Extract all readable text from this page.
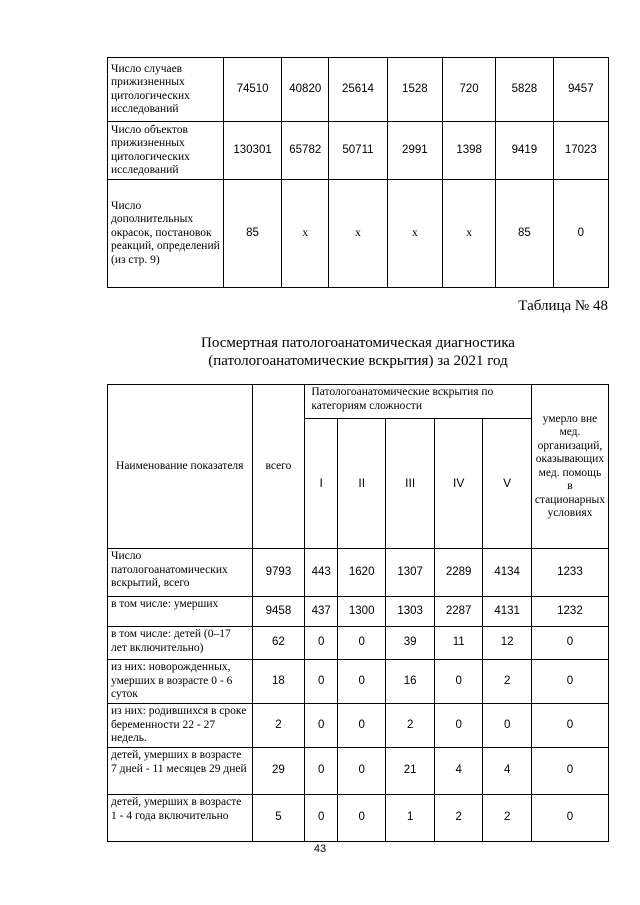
Число случаев прижизненных цитологических исследований	74510	40820	25614	1528	720	5828	9457
Число объектов прижизненных цитологических исследований	130301	65782	50711	2991	1398	9419	17023
Число дополнительных окрасок, постановок реакций, определений (из стр. 9)	85	x	x	x	x	85	0
Таблица № 48
Посмертная патологоанатомическая диагностика
(патологоанатомические вскрытия) за 2021 год
Наименование показателя	всего	Патологоанатомические вскрытия по категориям сложности					умерло вне мед. организаций, оказывающих мед. помощь в стационарных условиях
		I	II	III	IV	V	
Число патологоанатомических вскрытий, всего	9793	443	1620	1307	2289	4134	1233
в том числе: умерших	9458	437	1300	1303	2287	4131	1232
в том числе: детей (0–17 лет включительно)	62	0	0	39	11	12	0
из них: новорожденных, умерших в возрасте 0 - 6 суток	18	0	0	16	0	2	0
из них: родившихся в сроке беременности 22 - 27 недель.	2	0	0	2	0	0	0
детей, умерших в возрасте 7 дней - 11 месяцев 29 дней	29	0	0	21	4	4	0
детей, умерших в возрасте 1 - 4 года включительно	5	0	0	1	2	2	0
43
